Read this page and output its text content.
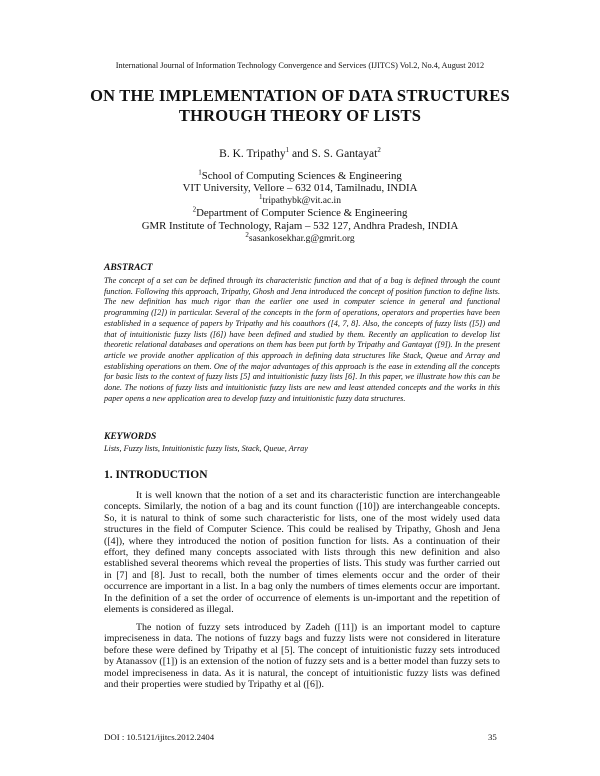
International Journal of Information Technology Convergence and Services (IJITCS) Vol.2, No.4, August 2012
ON THE IMPLEMENTATION OF DATA STRUCTURES
THROUGH THEORY OF LISTS
B. K. Tripathy$^1$ and S. S. Gantayat$^2$
$^1$School of Computing Sciences & Engineering
VIT University, Vellore – 632 014, Tamilnadu, INDIA
$^1$tripathybk@vit.ac.in
$^2$Department of Computer Science & Engineering
GMR Institute of Technology, Rajam – 532 127, Andhra Pradesh, INDIA
$^2$sasankosekhar.g@gmrit.org
ABSTRACT

The concept of a set can be defined through its characteristic function and that of a bag is defined through the count function. Following this approach, Tripathy, Ghosh and Jena introduced the concept of position function to define lists. The new definition has much rigor than the earlier one used in computer science in general and functional programming ([2]) in particular. Several of the concepts in the form of operations, operators and properties have been established in a sequence of papers by Tripathy and his coauthors ([4, 7, 8]. Also, the concepts of fuzzy lists ([5]) and that of intuitionistic fuzzy lists ([6]) have been defined and studied by them. Recently an application to develop list theoretic relational databases and operations on them has been put forth by Tripathy and Gantayat ([9]). In the present article we provide another application of this approach in defining data structures like Stack, Queue and Array and establishing operations on them. One of the major advantages of this approach is the ease in extending all the concepts for basic lists to the context of fuzzy lists [5] and intuitionistic fuzzy lists [6]. In this paper, we illustrate how this can be done. The notions of fuzzy lists and intuitionistic fuzzy lists are new and least attended concepts and the works in this paper opens a new application area to develop fuzzy and intuitionistic fuzzy data structures.

KEYWORDS
Lists, Fuzzy lists, Intuitionistic fuzzy lists, Stack, Queue, Array
1. INTRODUCTION

It is well known that the notion of a set and its characteristic function are interchangeable concepts. Similarly, the notion of a bag and its count function ([10]) are interchangeable concepts. So, it is natural to think of some such characteristic for lists, one of the most widely used data structures in the field of Computer Science. This could be realised by Tripathy, Ghosh and Jena ([4]), where they introduced the notion of position function for lists. As a continuation of their effort, they defined many concepts associated with lists through this new definition and also established several theorems which reveal the properties of lists. This study was further carried out in [7] and [8]. Just to recall, both the number of times elements occur and the order of their occurrence are important in a list. In a bag only the numbers of times elements occur are important. In the definition of a set the order of occurrence of elements is un-important and the repetition of elements is considered as illegal.

The notion of fuzzy sets introduced by Zadeh ([11]) is an important model to capture impreciseness in data. The notions of fuzzy bags and fuzzy lists were not considered in literature before these were defined by Tripathy et al [5]. The concept of intuitionistic fuzzy sets introduced by Atanassov ([1]) is an extension of the notion of fuzzy sets and is a better model than fuzzy sets to model impreciseness in data. As it is natural, the concept of intuitionistic fuzzy lists was defined and their properties were studied by Tripathy et al ([6]).

DOI : 10.5121/ijitcs.2012.2404	35
